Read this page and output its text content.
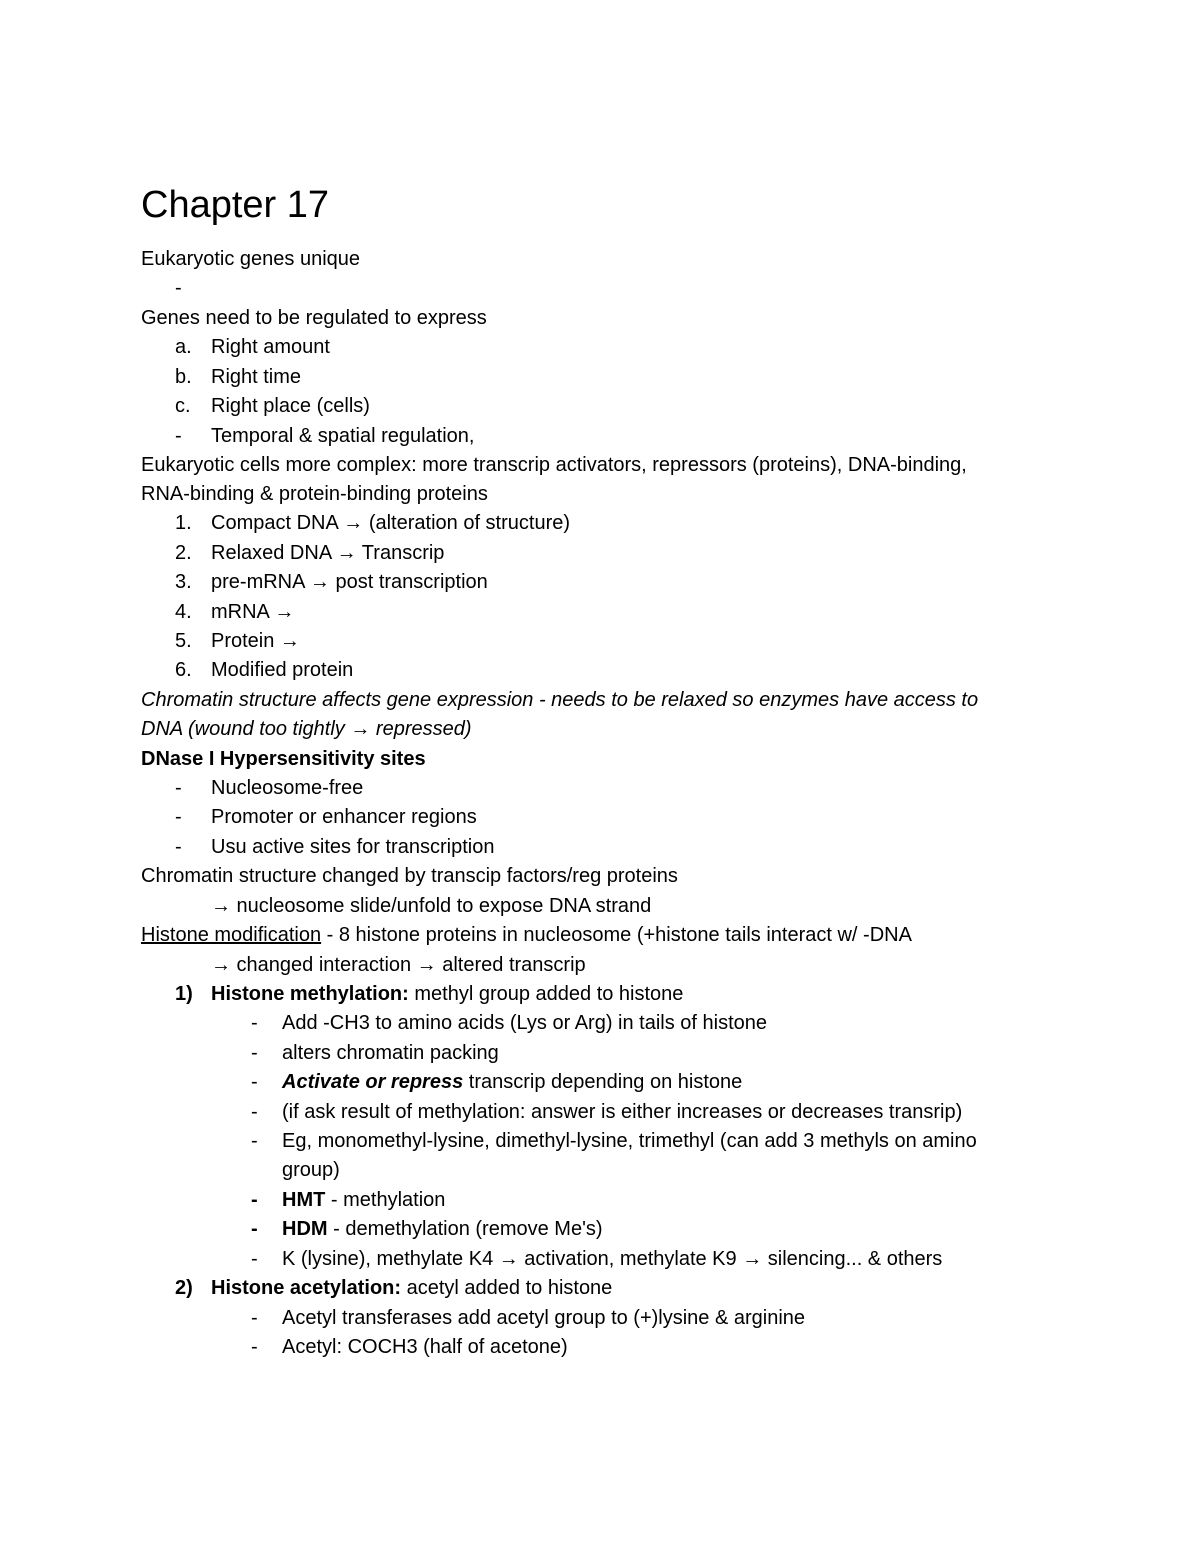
Chapter 17
Eukaryotic genes unique
-
Genes need to be regulated to express
a. Right amount
b. Right time
c. Right place (cells)
- Temporal & spatial regulation,
Eukaryotic cells more complex: more transcrip activators, repressors (proteins), DNA-binding,
RNA-binding & protein-binding proteins
1. Compact DNA → (alteration of structure)
2. Relaxed DNA → Transcrip
3. pre-mRNA → post transcription
4. mRNA →
5. Protein →
6. Modified protein
Chromatin structure affects gene expression - needs to be relaxed so enzymes have access to
DNA (wound too tightly → repressed)
DNase I Hypersensitivity sites
- Nucleosome-free
- Promoter or enhancer regions
- Usu active sites for transcription
Chromatin structure changed by transcip factors/reg proteins
→ nucleosome slide/unfold to expose DNA strand
Histone modification - 8 histone proteins in nucleosome (+histone tails interact w/ -DNA
→ changed interaction → altered transcrip
1) Histone methylation: methyl group added to histone
- Add -CH3 to amino acids (Lys or Arg) in tails of histone
- alters chromatin packing
- Activate or repress transcrip depending on histone
- (if ask result of methylation: answer is either increases or decreases transrip)
- Eg, monomethyl-lysine, dimethyl-lysine, trimethyl (can add 3 methyls on amino
group)
- HMT - methylation
- HDM - demethylation (remove Me's)
- K (lysine), methylate K4 → activation, methylate K9 → silencing... & others
2) Histone acetylation: acetyl added to histone
- Acetyl transferases add acetyl group to (+)lysine & arginine
- Acetyl: COCH3 (half of acetone)
